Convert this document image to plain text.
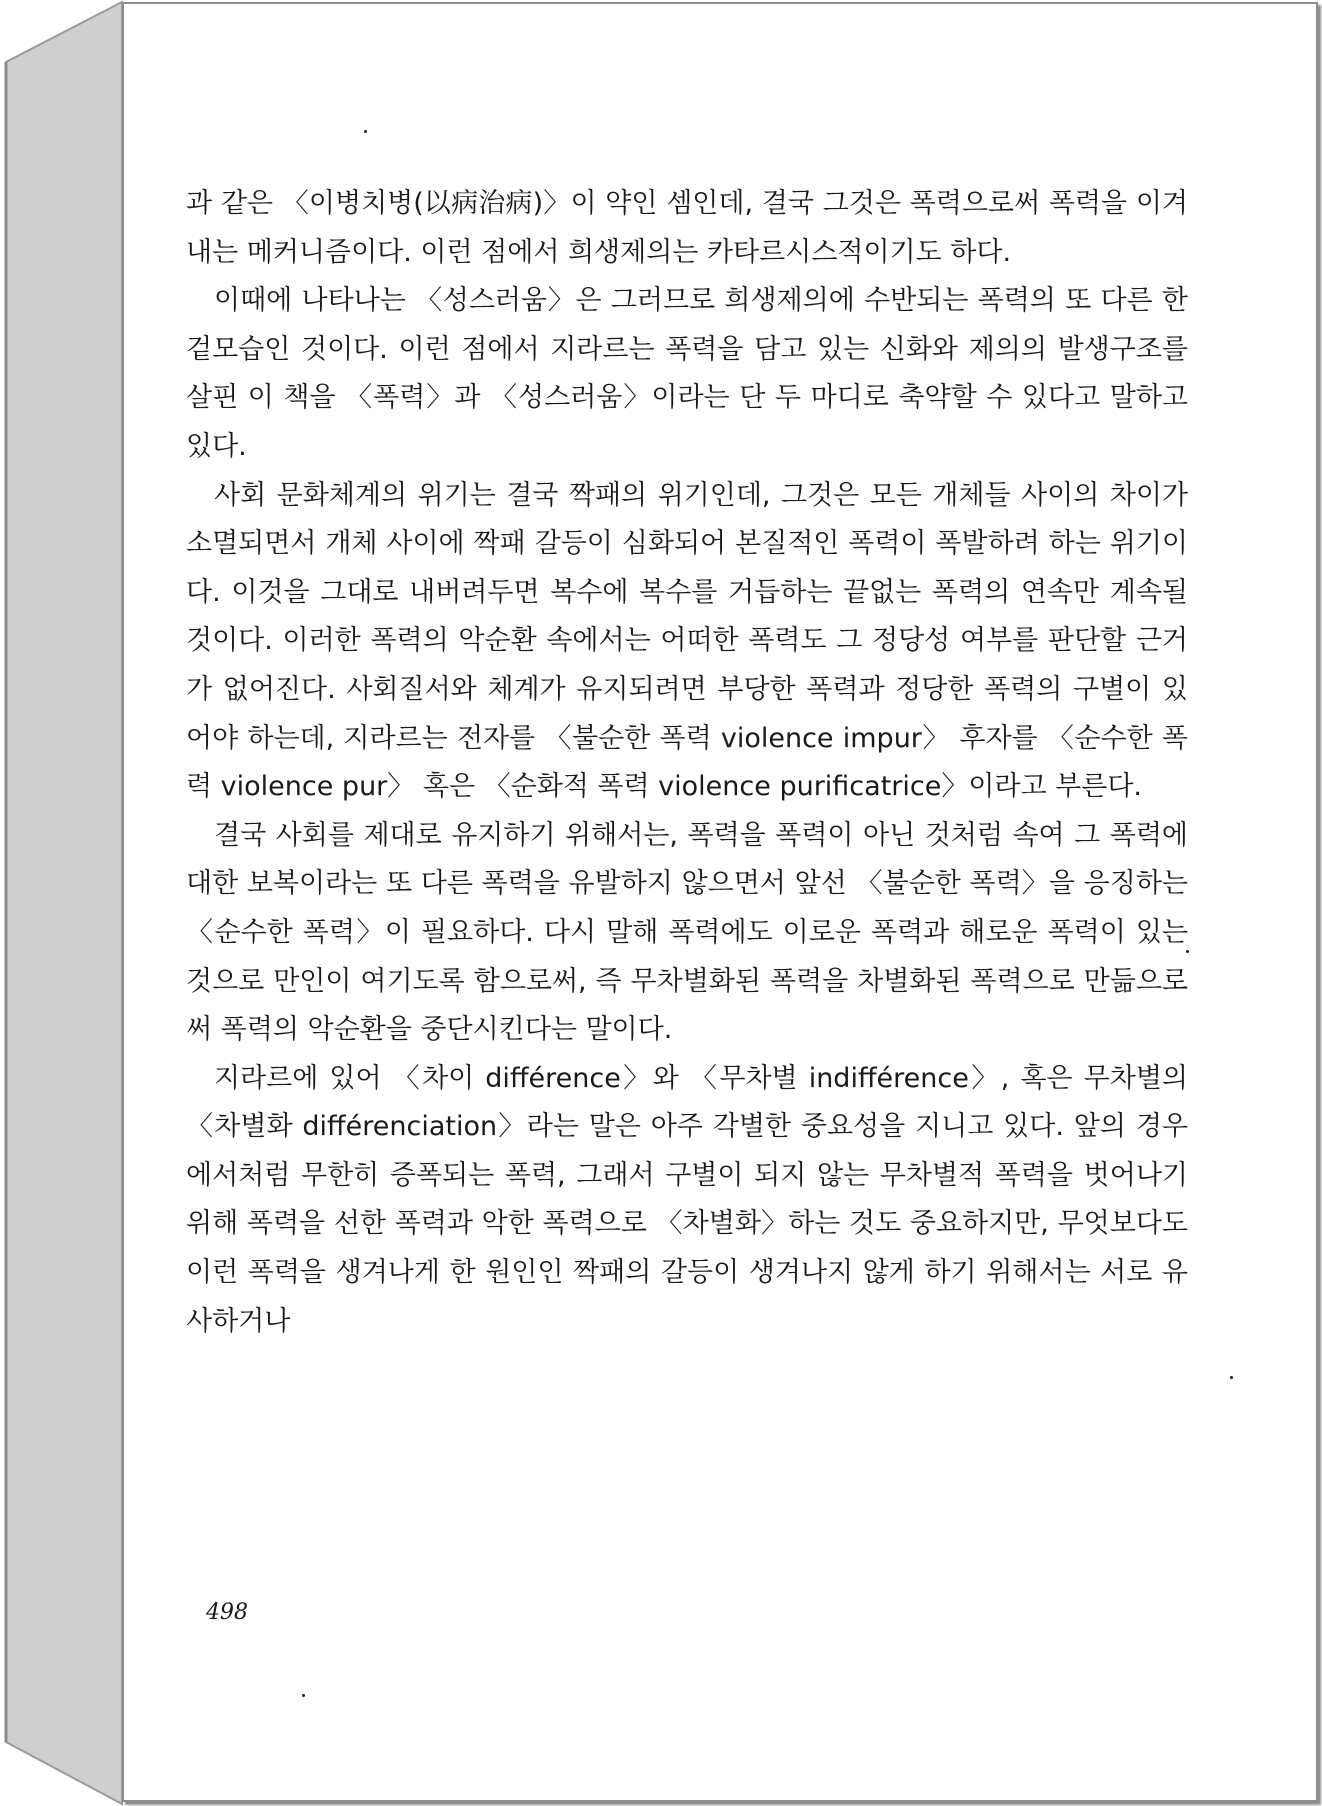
과 같은 〈이병치병(以病治病)〉이 약인 셈인데, 결국 그것은 폭력으로써 폭력을 이겨내는 메커니즘이다. 이런 점에서 희생제의는 카타르시스적이기도 하다.

이때에 나타나는 〈성스러움〉은 그러므로 희생제의에 수반되는 폭력의 또 다른 한 겉모습인 것이다. 이런 점에서 지라르는 폭력을 담고 있는 신화와 제의의 발생구조를 살핀 이 책을 〈폭력〉과 〈성스러움〉이라는 단 두 마디로 축약할 수 있다고 말하고 있다.

사회 문화체계의 위기는 결국 짝패의 위기인데, 그것은 모든 개체들 사이의 차이가 소멸되면서 개체 사이에 짝패 갈등이 심화되어 본질적인 폭력이 폭발하려 하는 위기이다. 이것을 그대로 내버려두면 복수에 복수를 거듭하는 끝없는 폭력의 연속만 계속될 것이다. 이러한 폭력의 악순환 속에서는 어떠한 폭력도 그 정당성 여부를 판단할 근거가 없어진다. 사회질서와 체계가 유지되려면 부당한 폭력과 정당한 폭력의 구별이 있어야 하는데, 지라르는 전자를 〈불순한 폭력 violence impur〉 후자를 〈순수한 폭력 violence pur〉 혹은 〈순화적 폭력 violence purificatrice〉이라고 부른다.

결국 사회를 제대로 유지하기 위해서는, 폭력을 폭력이 아닌 것처럼 속여 그 폭력에 대한 보복이라는 또 다른 폭력을 유발하지 않으면서 앞선 〈불순한 폭력〉을 응징하는 〈순수한 폭력〉이 필요하다. 다시 말해 폭력에도 이로운 폭력과 해로운 폭력이 있는 것으로 만인이 여기도록 함으로써, 즉 무차별화된 폭력을 차별화된 폭력으로 만듦으로써 폭력의 악순환을 중단시킨다는 말이다.

지라르에 있어 〈차이 différence〉와 〈무차별 indifférence〉, 혹은 무차별의 〈차별화 différenciation〉라는 말은 아주 각별한 중요성을 지니고 있다. 앞의 경우에서처럼 무한히 증폭되는 폭력, 그래서 구별이 되지 않는 무차별적 폭력을 벗어나기 위해 폭력을 선한 폭력과 악한 폭력으로 〈차별화〉하는 것도 중요하지만, 무엇보다도 이런 폭력을 생겨나게 한 원인인 짝패의 갈등이 생겨나지 않게 하기 위해서는 서로 유사하거나

498
